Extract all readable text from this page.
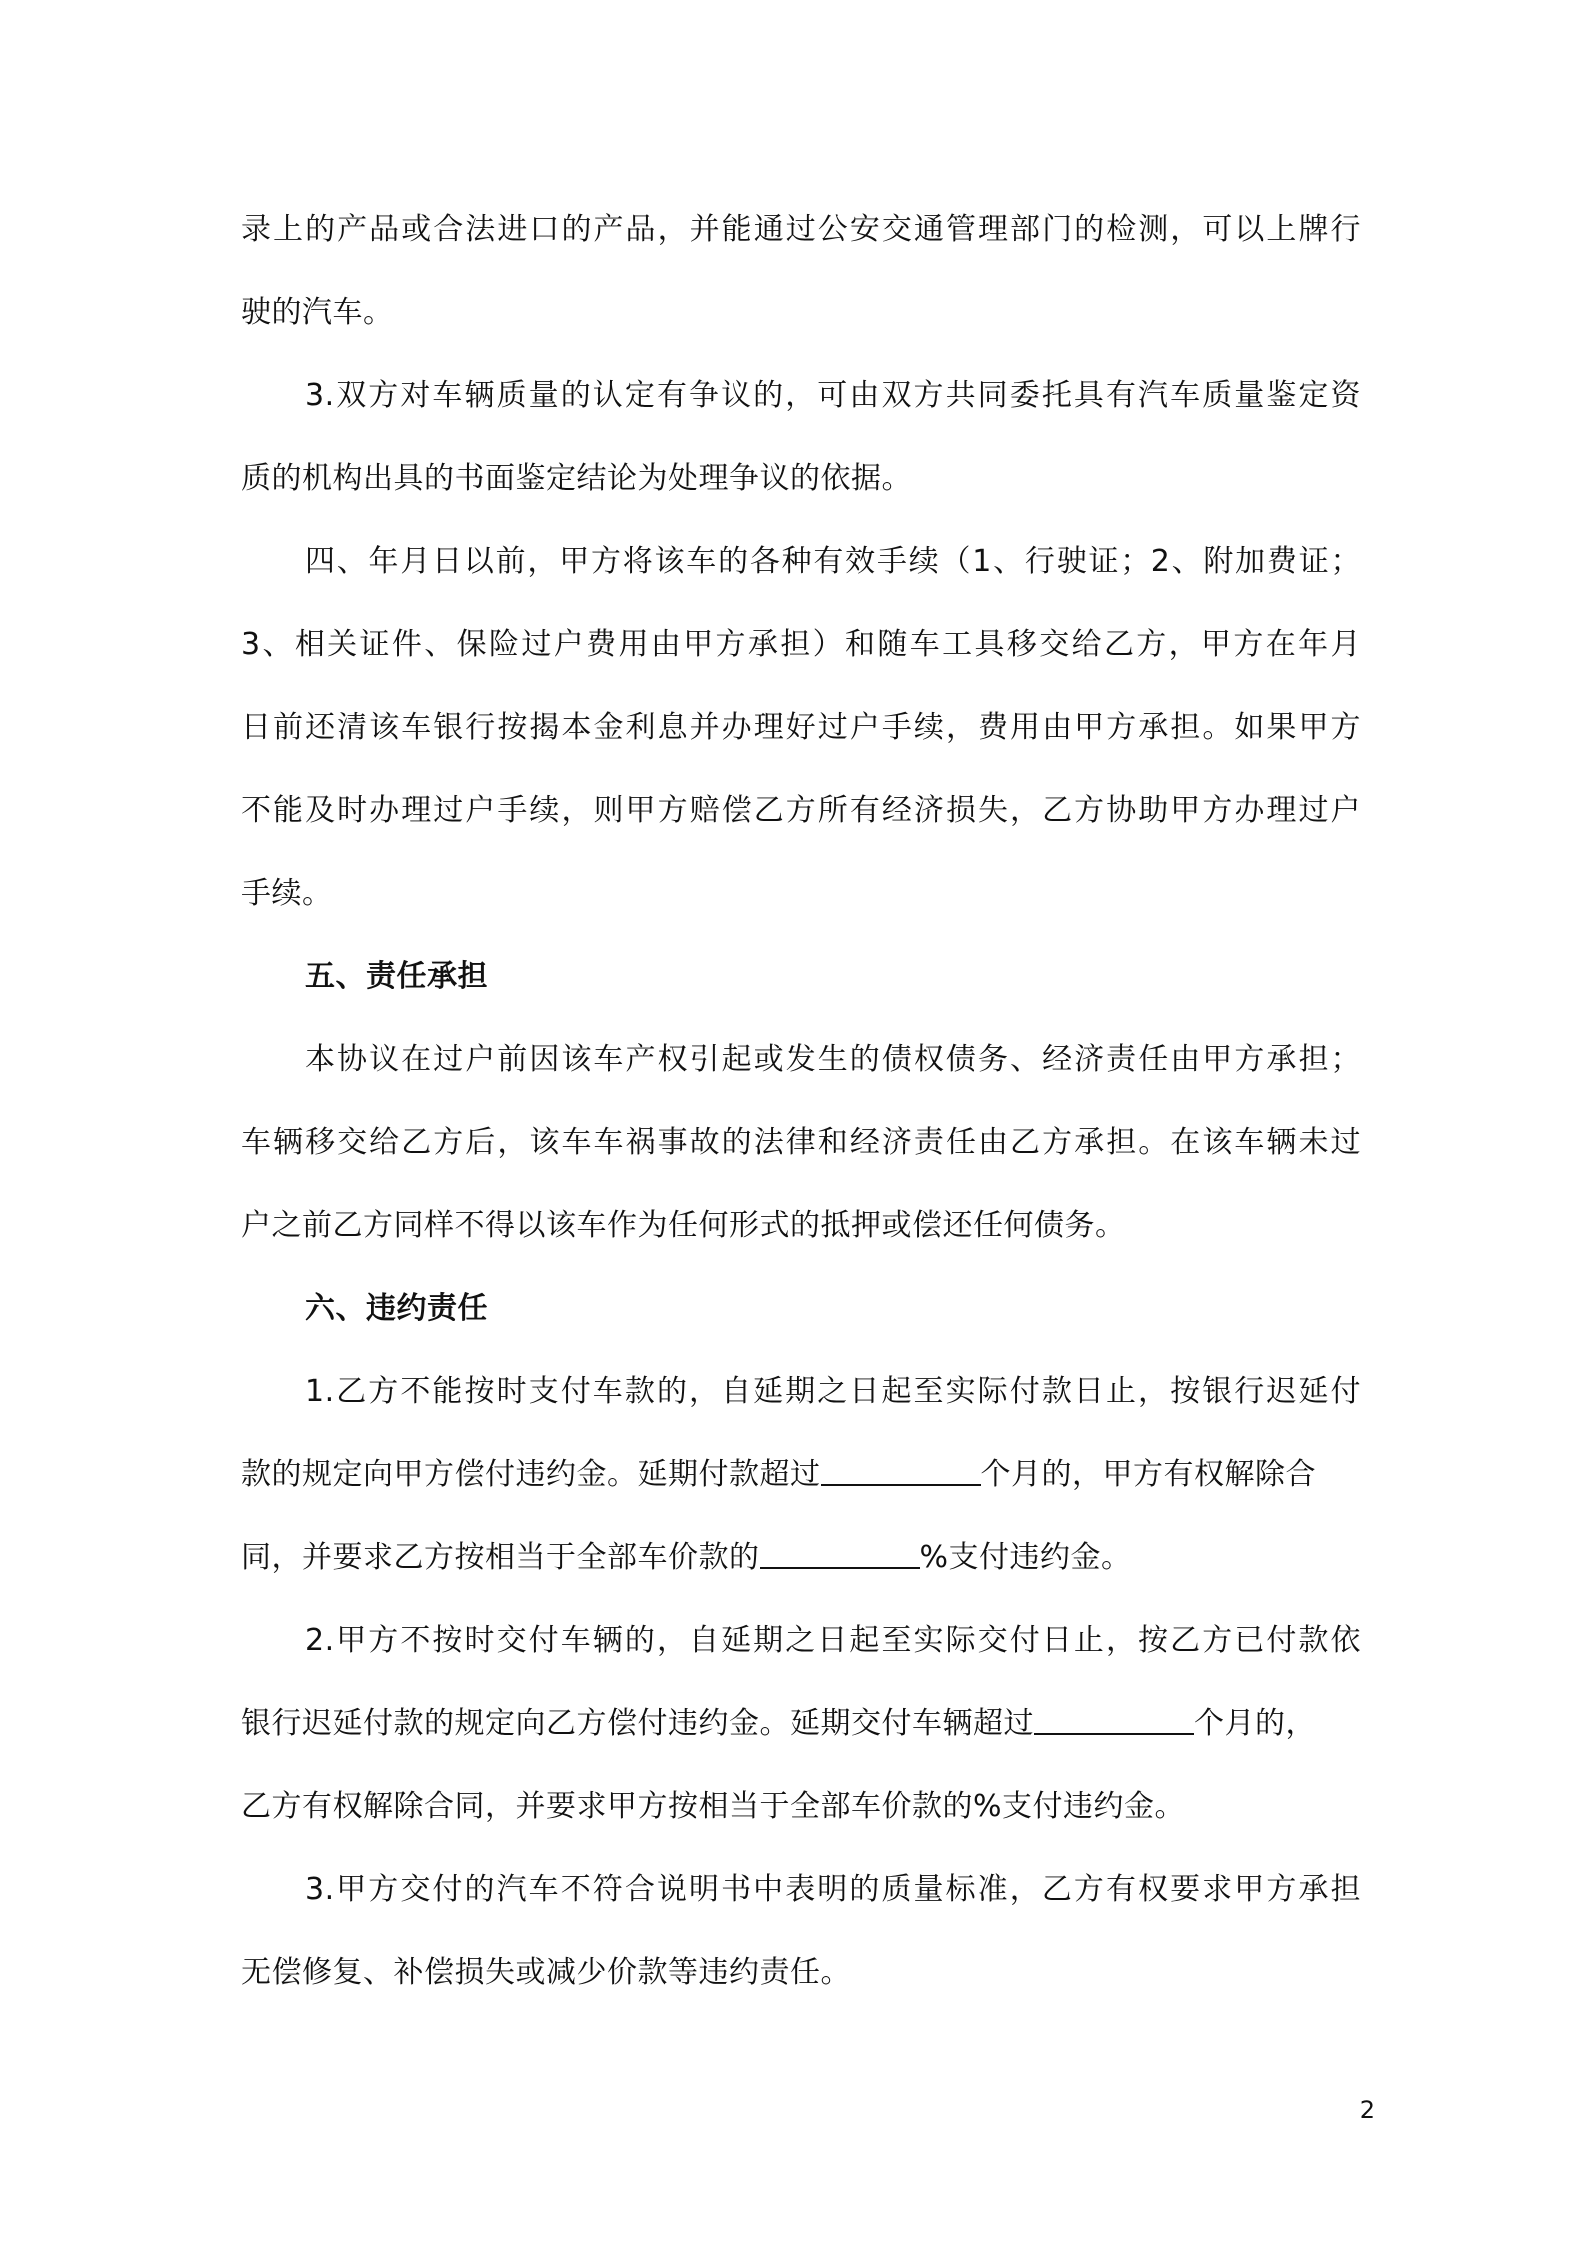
录上的产品或合法进口的产品，并能通过公安交通管理部门的检测，可以上牌行
驶的汽车。
3.双方对车辆质量的认定有争议的，可由双方共同委托具有汽车质量鉴定资
质的机构出具的书面鉴定结论为处理争议的依据。
四、年月日以前，甲方将该车的各种有效手续（1、行驶证；2、附加费证；
3、相关证件、保险过户费用由甲方承担）和随车工具移交给乙方，甲方在年月
日前还清该车银行按揭本金利息并办理好过户手续，费用由甲方承担。如果甲方
不能及时办理过户手续，则甲方赔偿乙方所有经济损失，乙方协助甲方办理过户
手续。
五、责任承担
本协议在过户前因该车产权引起或发生的债权债务、经济责任由甲方承担；
车辆移交给乙方后，该车车祸事故的法律和经济责任由乙方承担。在该车辆未过
户之前乙方同样不得以该车作为任何形式的抵押或偿还任何债务。
六、违约责任
1.乙方不能按时支付车款的，自延期之日起至实际付款日止，按银行迟延付
款的规定向甲方偿付违约金。延期付款超过	个月的，甲方有权解除合
同，并要求乙方按相当于全部车价款的	%支付违约金。
2.甲方不按时交付车辆的，自延期之日起至实际交付日止，按乙方已付款依
银行迟延付款的规定向乙方偿付违约金。延期交付车辆超过	个月的，
乙方有权解除合同，并要求甲方按相当于全部车价款的%支付违约金。
3.甲方交付的汽车不符合说明书中表明的质量标准，乙方有权要求甲方承担
无偿修复、补偿损失或减少价款等违约责任。
2
